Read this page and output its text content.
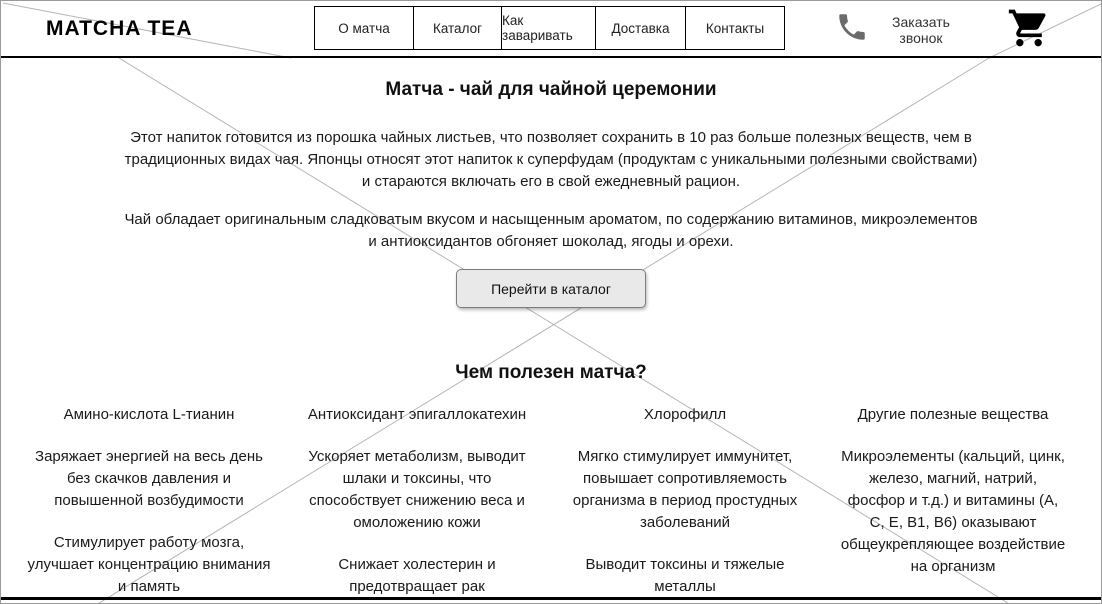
MATCHA TEA	О матча	Каталог	Как заваривать	Доставка	Контакты	Заказать звонок
Матча - чай для чайной церемонии

Этот напиток готовится из порошка чайных листьев, что позволяет сохранить в 10 раз больше полезных веществ, чем в традиционных видах чая. Японцы относят этот напиток к суперфудам (продуктам с уникальными полезными свойствами) и стараются включать его в свой ежедневный рацион.

Чай обладает оригинальным сладковатым вкусом и насыщенным ароматом, по содержанию витаминов, микроэлементов и антиоксидантов обгоняет шоколад, ягоды и орехи.

Перейти в каталог
Чем полезен матча?
Амино-кислота L-тианин

Заряжает энергией на весь день без скачков давления и повышенной возбудимости

Стимулирует работу мозга, улучшает концентрацию внимания и память

Антиоксидант эпигаллокатехин

Ускоряет метаболизм, выводит шлаки и токсины, что способствует снижению веса и омоложению кожи

Снижает холестерин и предотвращает рак

Хлорофилл

Мягко стимулирует иммунитет, повышает сопротивляемость организма в период простудных заболеваний

Выводит токсины и тяжелые металлы

Другие полезные вещества

Микроэлементы (кальций, цинк, железо, магний, натрий, фосфор и т.д.) и витамины (А, С, Е, В1, В6) оказывают общеукрепляющее воздействие на организм
